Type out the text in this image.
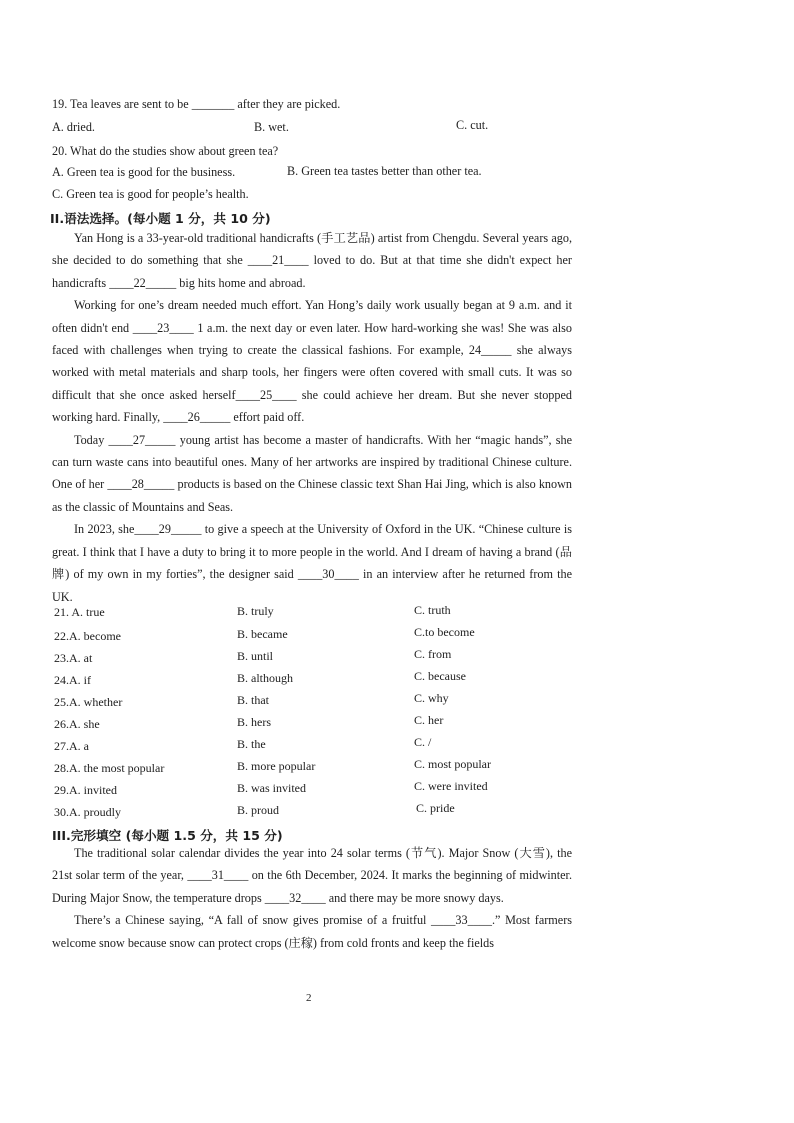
19. Tea leaves are sent to be _______ after they are picked.
A. dried.	B. wet.	C. cut.
20. What do the studies show about green tea?
A. Green tea is good for the business.	B. Green tea tastes better than other tea.
C. Green tea is good for people’s health.
II.语法选择。(每小题 1 分，共 10 分)

Yan Hong is a 33-year-old traditional handicrafts (手工艺品) artist from Chengdu. Several years ago, she decided to do something that she ____21____ loved to do. But at that time she didn't expect her handicrafts ____22_____ big hits home and abroad.

Working for one’s dream needed much effort. Yan Hong’s daily work usually began at 9 a.m. and it often didn't end ____23____ 1 a.m. the next day or even later. How hard-working she was! She was also faced with challenges when trying to create the classical fashions. For example, 24_____ she always worked with metal materials and sharp tools, her fingers were often covered with small cuts. It was so difficult that she once asked herself____25____ she could achieve her dream. But she never stopped working hard. Finally, ____26_____ effort paid off.

Today ____27_____ young artist has become a master of handicrafts. With her “magic hands”, she can turn waste cans into beautiful ones. Many of her artworks are inspired by traditional Chinese culture. One of her ____28_____ products is based on the Chinese classic text Shan Hai Jing, which is also known as the classic of Mountains and Seas.

In 2023, she____29_____ to give a speech at the University of Oxford in the UK. “Chinese culture is great. I think that I have a duty to bring it to more people in the world. And I dream of having a brand (品牌) of my own in my forties”, the designer said ____30____ in an interview after he returned from the UK.

21. A. true	B. truly	C. truth
22.A. become	B. became	C.to become
23.A. at	B. until	C. from
24.A. if	B. although	C. because
25.A. whether	B. that	C. why
26.A. she	B. hers	C. her
27.A. a	B. the	C. /
28.A. the most popular	B. more popular	C. most popular
29.A. invited	B. was invited	C. were invited
30.A. proudly	B. proud	C. pride
III.完形填空 (每小题 1.5 分，共 15 分)

The traditional solar calendar divides the year into 24 solar terms (节气). Major Snow (大雪), the 21st solar term of the year, ____31____ on the 6th December, 2024. It marks the beginning of midwinter. During Major Snow, the temperature drops ____32____ and there may be more snowy days.

There’s a Chinese saying, “A fall of snow gives promise of a fruitful ____33____.” Most farmers welcome snow because snow can protect crops (庄稼) from cold fronts and keep the fields

2
